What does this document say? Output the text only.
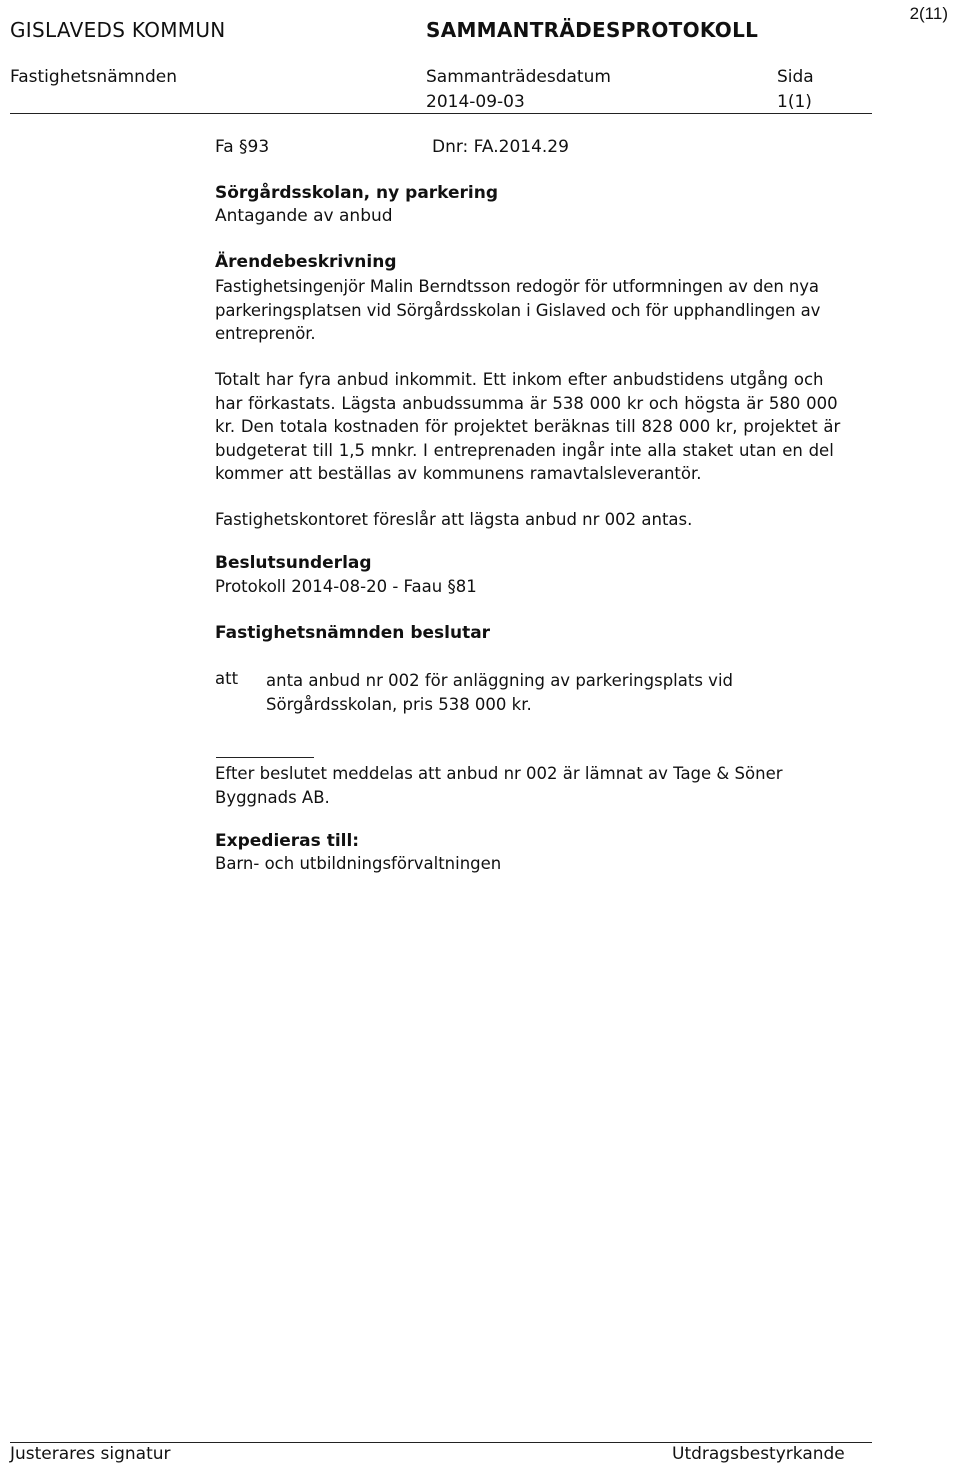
2(11)
GISLAVEDS KOMMUN	SAMMANTRÄDESPROTOKOLL
Fastighetsnämnden	Sammanträdesdatum	Sida
2014-09-03	1(1)
Fa §93	Dnr: FA.2014.29
Sörgårdsskolan, ny parkering
Antagande av anbud
Ärendebeskrivning
Fastighetsingenjör Malin Berndtsson redogör för utformningen av den nya parkeringsplatsen vid Sörgårdsskolan i Gislaved och för upphandlingen av entreprenör.
Totalt har fyra anbud inkommit. Ett inkom efter anbudstidens utgång och har förkastats. Lägsta anbudssumma är 538 000 kr och högsta är 580 000 kr. Den totala kostnaden för projektet beräknas till 828 000 kr, projektet är budgeterat till 1,5 mnkr. I entreprenaden ingår inte alla staket utan en del kommer att beställas av kommunens ramavtalsleverantör.
Fastighetskontoret föreslår att lägsta anbud nr 002 antas.
Beslutsunderlag
Protokoll 2014-08-20 - Faau §81
Fastighetsnämnden beslutar
att anta anbud nr 002 för anläggning av parkeringsplats vid Sörgårdsskolan, pris 538 000 kr.
Efter beslutet meddelas att anbud nr 002 är lämnat av Tage & Söner Byggnads AB.
Expedieras till:
Barn- och utbildningsförvaltningen
Justerares signatur	Utdragsbestyrkande
